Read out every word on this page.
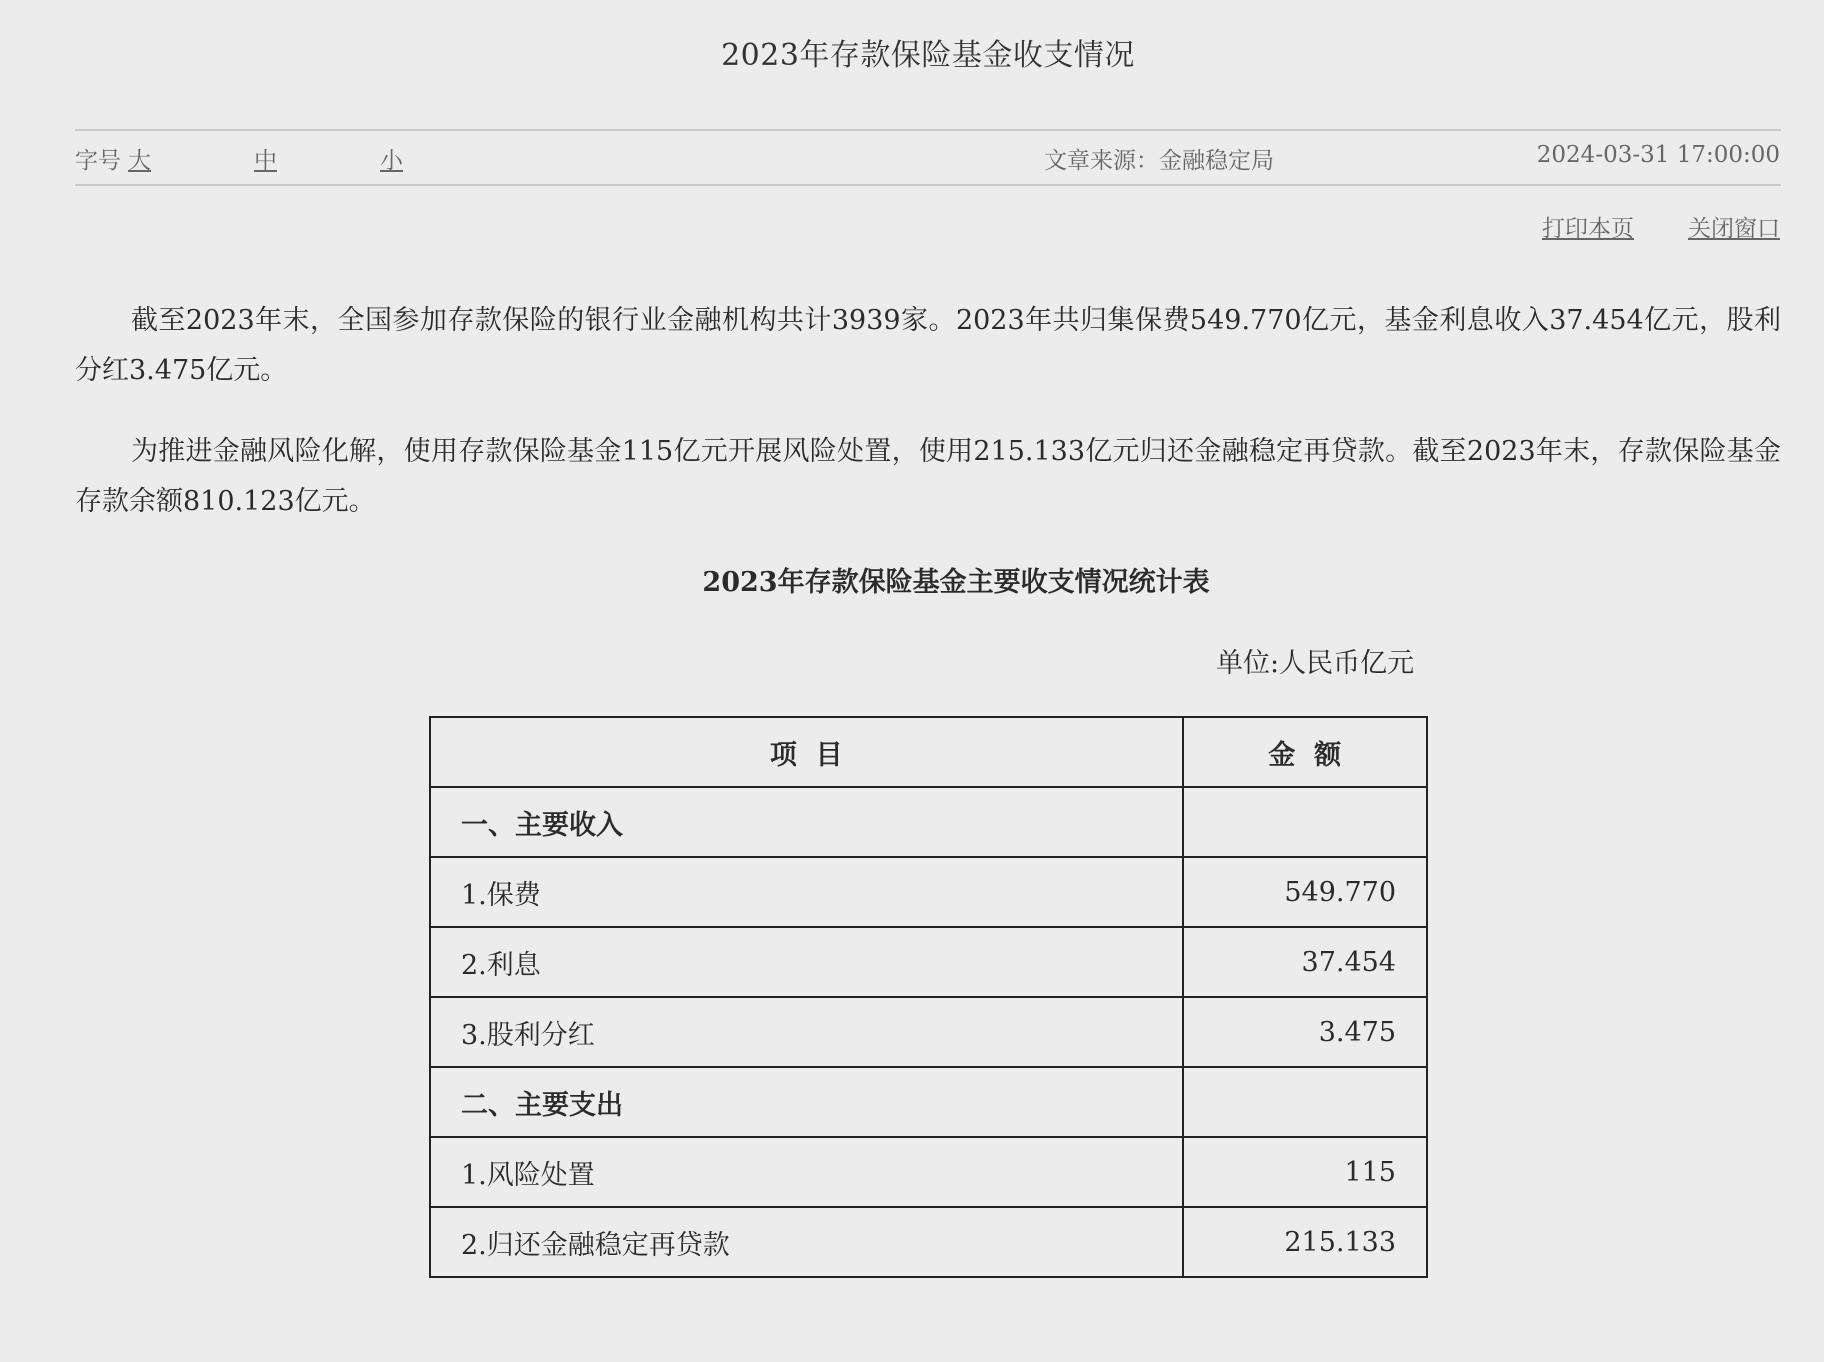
2023年存款保险基金收支情况
字号 大	中	小	文章来源：金融稳定局	2024-03-31 17:00:00
打印本页 关闭窗口

截至2023年末，全国参加存款保险的银行业金融机构共计3939家。2023年共归集保费549.770亿元，基金利息收入37.454亿元，股利分红3.475亿元。

为推进金融风险化解，使用存款保险基金115亿元开展风险处置，使用215.133亿元归还金融稳定再贷款。截至2023年末，存款保险基金存款余额810.123亿元。

2023年存款保险基金主要收支情况统计表
单位:人民币亿元
项  目	金  额
一、主要收入	
1.保费	549.770
2.利息	37.454
3.股利分红	3.475
二、主要支出	
1.风险处置	115
2.归还金融稳定再贷款	215.133
